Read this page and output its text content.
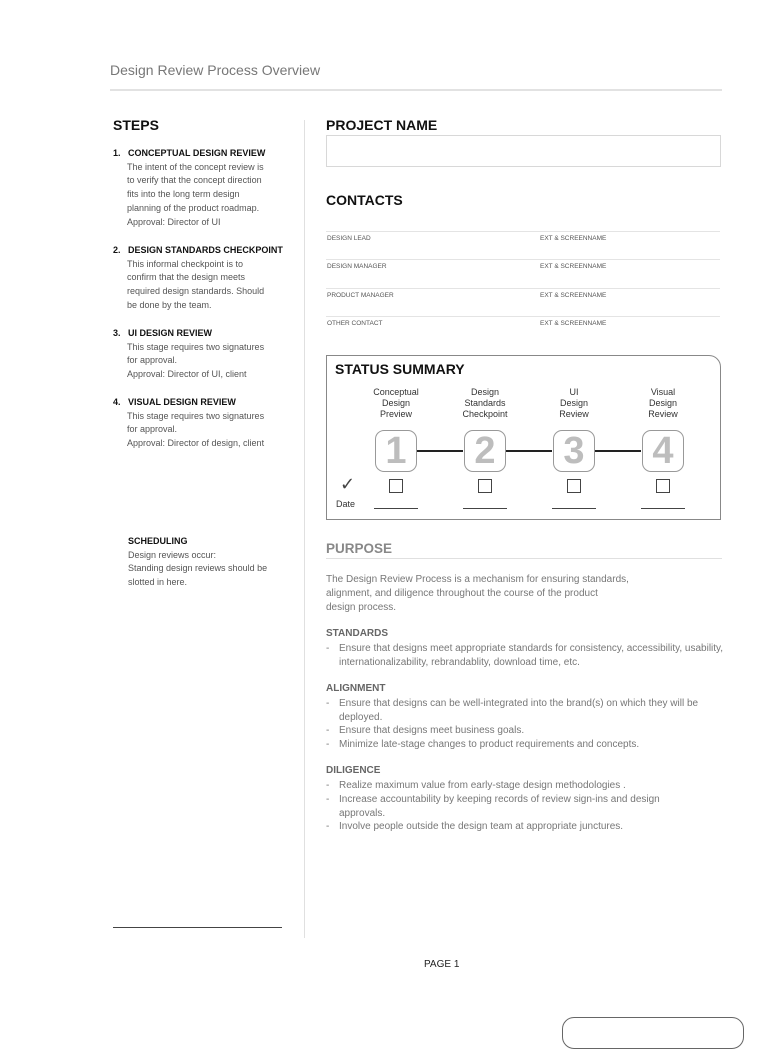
Design Review Process Overview
STEPS
1. CONCEPTUAL DESIGN REVIEW
The intent of the concept review is
to verify that the concept direction
fits into the long term design
planning of the product roadmap.
Approval: Director of UI
2. DESIGN STANDARDS CHECKPOINT
This informal checkpoint is to
confirm that the design meets
required design standards. Should
be done by the team.
3. UI DESIGN REVIEW
This stage requires two signatures
for approval.
Approval: Director of UI, client
4. VISUAL DESIGN REVIEW
This stage requires two signatures
for approval.
Approval: Director of design, client
SCHEDULING
Design reviews occur:
Standing design reviews should be
slotted in here.
PROJECT NAME
CONTACTS
DESIGN LEAD	EXT & SCREENNAME
DESIGN MANAGER	EXT & SCREENNAME
PRODUCT MANAGER	EXT & SCREENNAME
OTHER CONTACT	EXT & SCREENNAME
STATUS SUMMARY
Conceptual
Design
Preview
1
Design
Standards
Checkpoint
2
UI
Design
Review
3
Visual
Design
Review
4
✓
Date
PURPOSE
The Design Review Process is a mechanism for ensuring standards,
alignment, and diligence throughout the course of the product
design process.
STANDARDS
- Ensure that designs meet appropriate standards for consistency, accessibility, usability, internationalizability, rebrandablity, download time, etc.
ALIGNMENT
- Ensure that designs can be well-integrated into the brand(s) on which they will be deployed.
- Ensure that designs meet business goals.
- Minimize late-stage changes to product requirements and concepts.
DILIGENCE
- Realize maximum value from early-stage design methodologies .
- Increase accountability by keeping records of review sign-ins and design approvals.
- Involve people outside the design team at appropriate junctures.
PAGE 1
